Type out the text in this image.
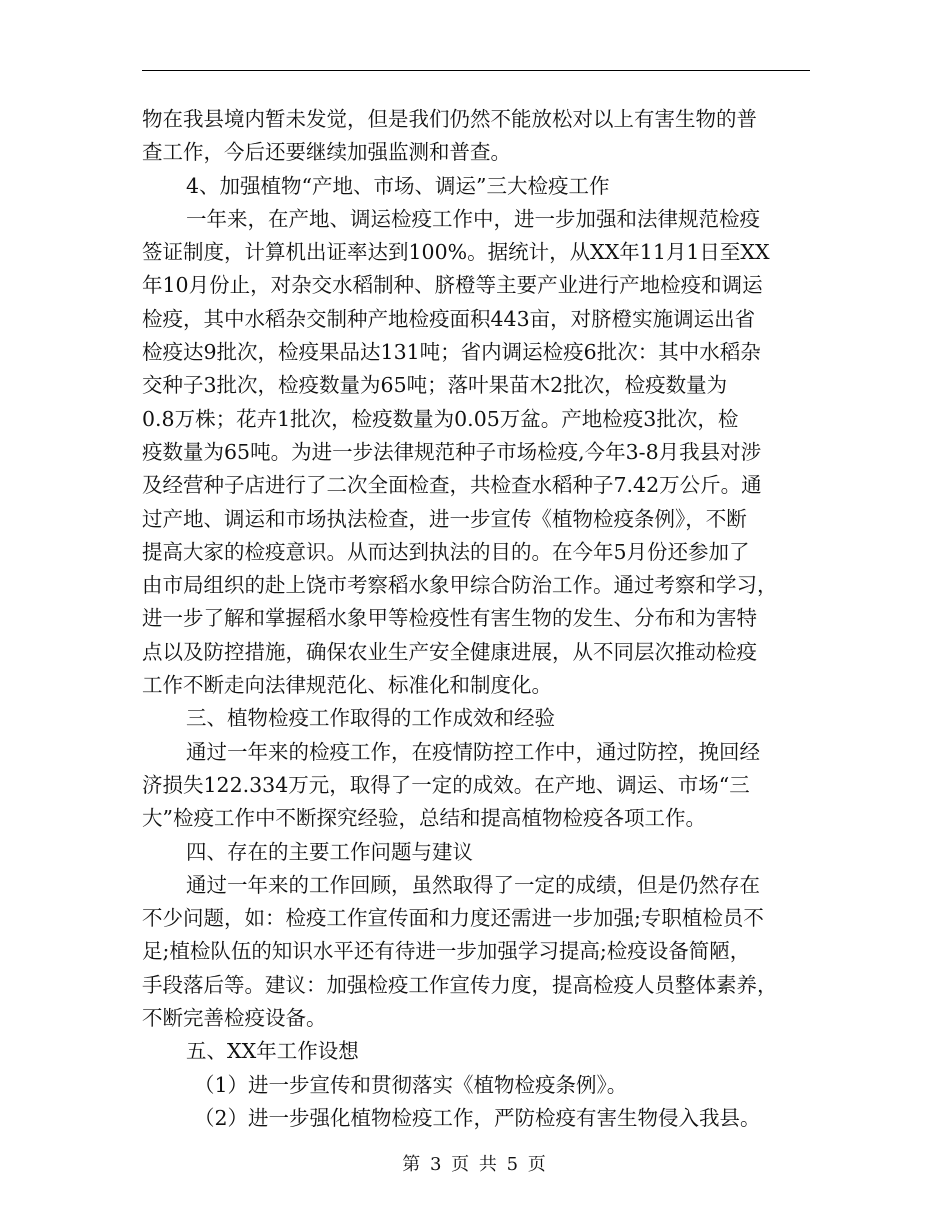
物在我县境内暂未发觉，但是我们仍然不能放松对以上有害生物的普
查工作，今后还要继续加强监测和普查。
4、加强植物“产地、市场、调运”三大检疫工作
一年来，在产地、调运检疫工作中，进一步加强和法律规范检疫
签证制度，计算机出证率达到100%。据统计，从XX年11月1日至XX
年10月份止，对杂交水稻制种、脐橙等主要产业进行产地检疫和调运
检疫，其中水稻杂交制种产地检疫面积443亩，对脐橙实施调运出省
检疫达9批次，检疫果品达131吨；省内调运检疫6批次：其中水稻杂
交种子3批次，检疫数量为65吨；落叶果苗木2批次，检疫数量为
0.8万株；花卉1批次，检疫数量为0.05万盆。产地检疫3批次，检
疫数量为65吨。为进一步法律规范种子市场检疫,今年3-8月我县对涉
及经营种子店进行了二次全面检查，共检查水稻种子7.42万公斤。通
过产地、调运和市场执法检查，进一步宣传《植物检疫条例》，不断
提高大家的检疫意识。从而达到执法的目的。在今年5月份还参加了
由市局组织的赴上饶市考察稻水象甲综合防治工作。通过考察和学习，
进一步了解和掌握稻水象甲等检疫性有害生物的发生、分布和为害特
点以及防控措施，确保农业生产安全健康进展，从不同层次推动检疫
工作不断走向法律规范化、标准化和制度化。
三、植物检疫工作取得的工作成效和经验
通过一年来的检疫工作，在疫情防控工作中，通过防控，挽回经
济损失122.334万元，取得了一定的成效。在产地、调运、市场“三
大”检疫工作中不断探究经验，总结和提高植物检疫各项工作。
四、存在的主要工作问题与建议
通过一年来的工作回顾，虽然取得了一定的成绩，但是仍然存在
不少问题，如：检疫工作宣传面和力度还需进一步加强;专职植检员不
足;植检队伍的知识水平还有待进一步加强学习提高;检疫设备简陋，
手段落后等。建议：加强检疫工作宣传力度，提高检疫人员整体素养，
不断完善检疫设备。
五、XX年工作设想
（1）进一步宣传和贯彻落实《植物检疫条例》。
（2）进一步强化植物检疫工作，严防检疫有害生物侵入我县。
第 3 页 共 5 页
